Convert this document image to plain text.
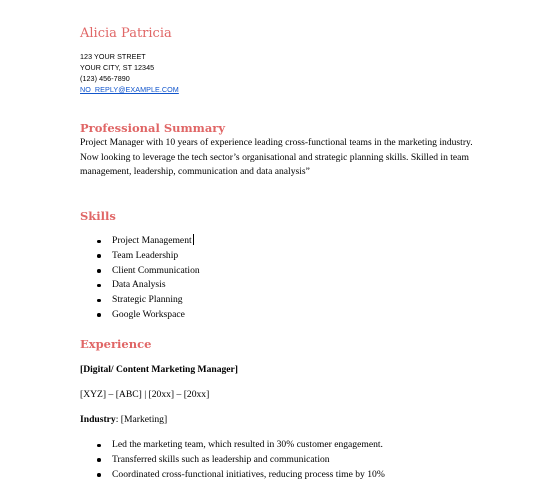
Alicia Patricia
123 YOUR STREET
YOUR CITY, ST 12345
(123) 456-7890
NO_REPLY@EXAMPLE.COM
Professional Summary
Project Manager with 10 years of experience leading cross-functional teams in the marketing industry. Now looking to leverage the tech sector’s organisational and strategic planning skills. Skilled in team management, leadership, communication and data analysis”
Skills
Project Management
Team Leadership
Client Communication
Data Analysis
Strategic Planning
Google Workspace
Experience
[Digital/ Content Marketing Manager]
[XYZ] – [ABC] | [20xx] – [20xx]
Industry: [Marketing]
Led the marketing team, which resulted in 30% customer engagement.
Transferred skills such as leadership and communication
Coordinated cross-functional initiatives, reducing process time by 10%
